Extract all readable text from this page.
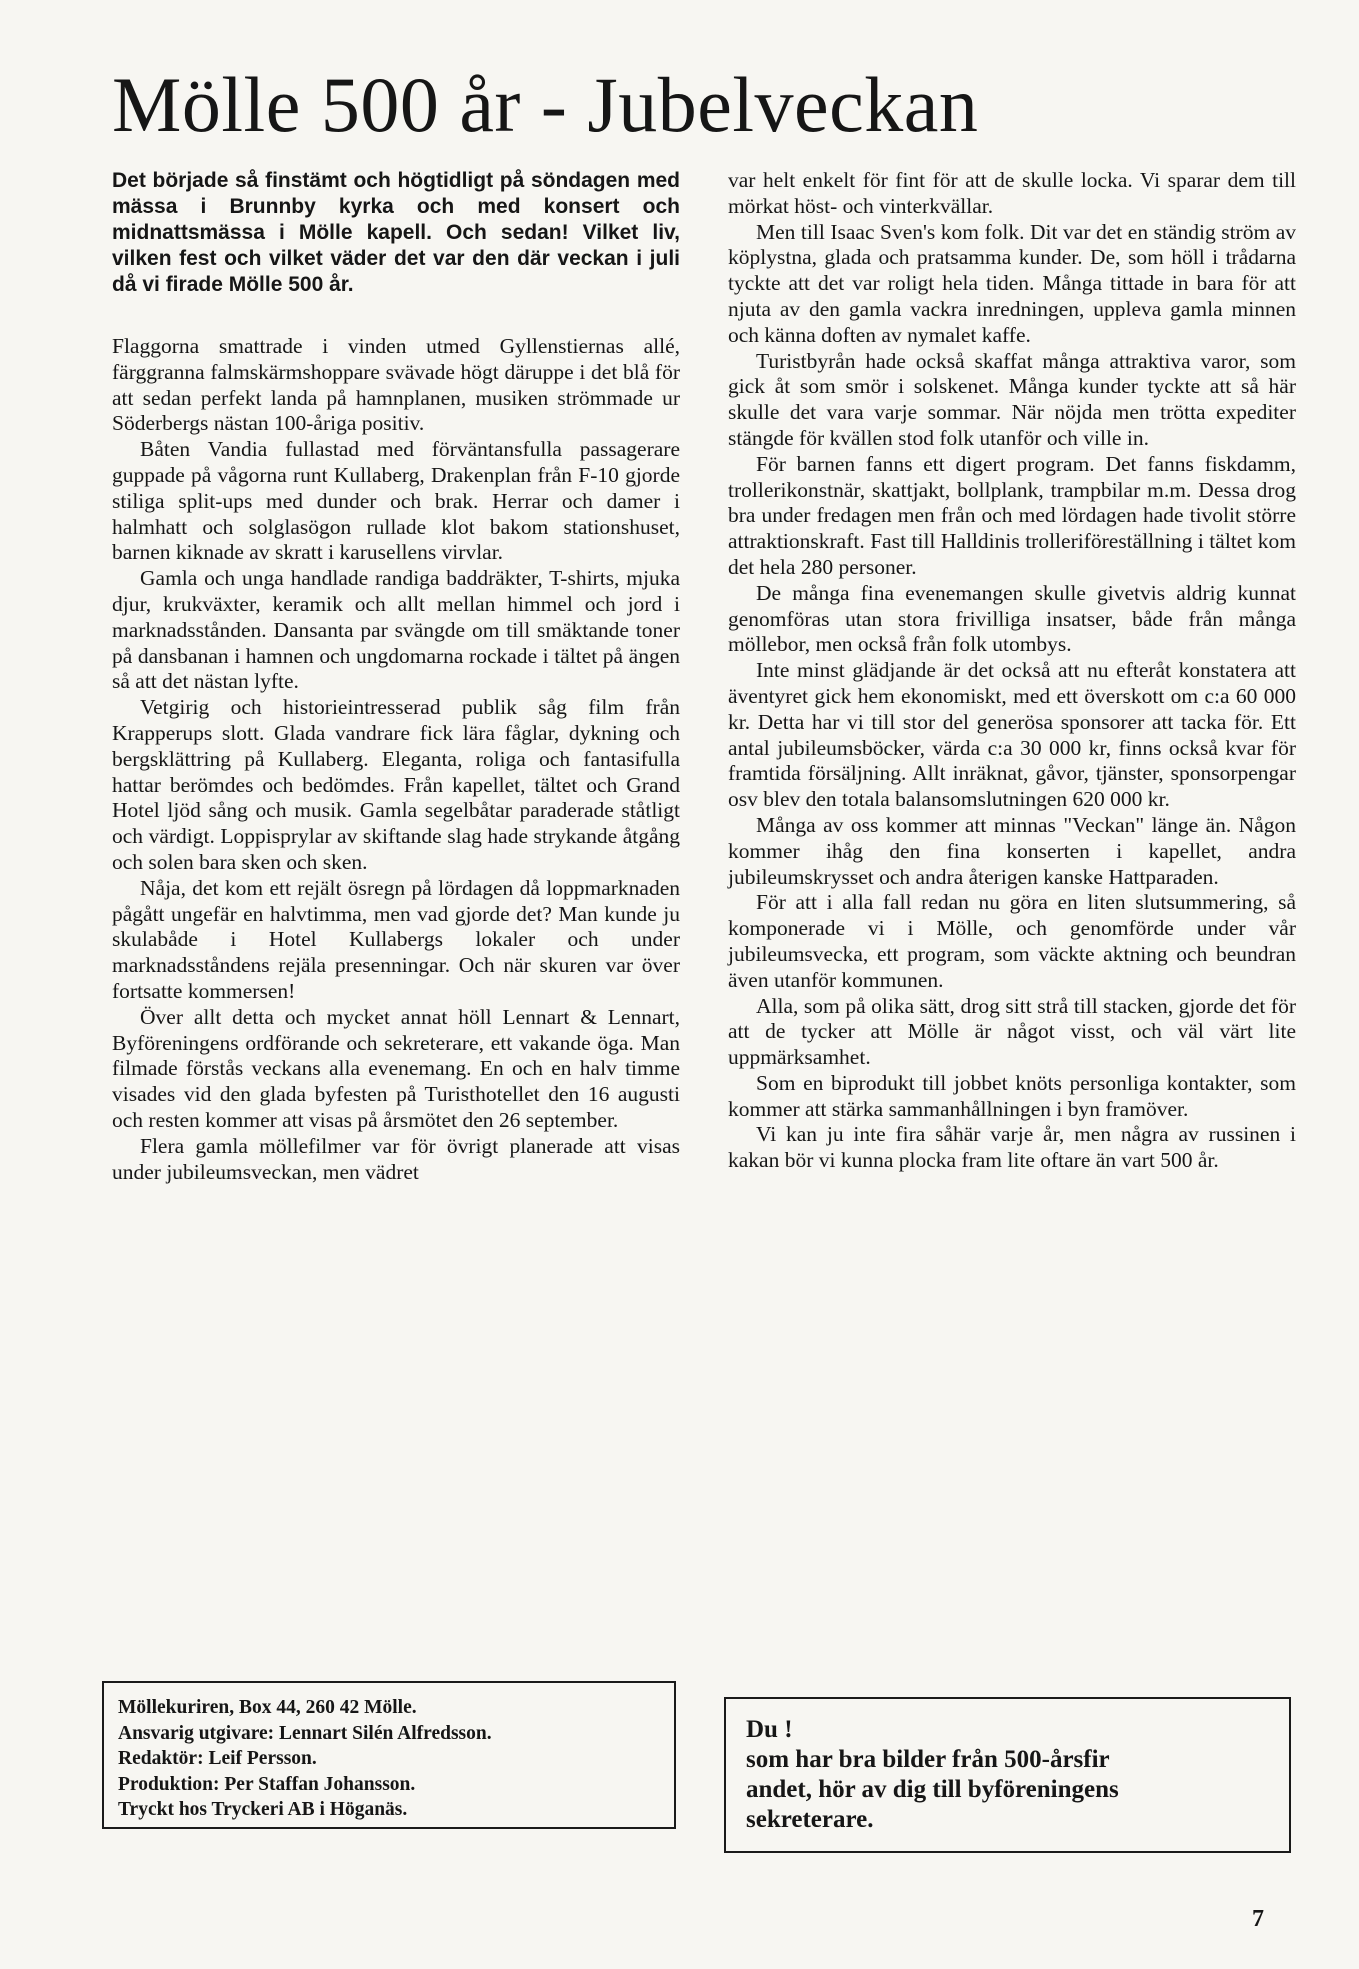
Mölle 500 år - Jubelveckan

Det började så finstämt och högtidligt på söndagen med mässa i Brunnby kyrka och med konsert och midnattsmässa i Mölle kapell. Och sedan! Vilket liv, vilken fest och vilket väder det var den där veckan i juli då vi firade Mölle 500 år.

Flaggorna smattrade i vinden utmed Gyllenstiernas allé, färggranna falmskärmshoppare svävade högt däruppe i det blå för att sedan perfekt landa på hamnplanen, musiken strömmade ur Söderbergs nästan 100-åriga positiv.

Båten Vandia fullastad med förväntansfulla passagerare guppade på vågorna runt Kullaberg, Drakenplan från F-10 gjorde stiliga split-ups med dunder och brak. Herrar och damer i halmhatt och solglasögon rullade klot bakom stationshuset, barnen kiknade av skratt i karusellens virvlar.

Gamla och unga handlade randiga baddräkter, T-shirts, mjuka djur, krukväxter, keramik och allt mellan himmel och jord i marknadsstånden. Dansanta par svängde om till smäktande toner på dansbanan i hamnen och ungdomarna rockade i tältet på ängen så att det nästan lyfte.

Vetgirig och historieintresserad publik såg film från Krapperups slott. Glada vandrare fick lära fåglar, dykning och bergsklättring på Kullaberg. Eleganta, roliga och fantasifulla hattar berömdes och bedömdes. Från kapellet, tältet och Grand Hotel ljöd sång och musik. Gamla segelbåtar paraderade ståtligt och värdigt. Loppisprylar av skiftande slag hade strykande åtgång och solen bara sken och sken.

Nåja, det kom ett rejält ösregn på lördagen då loppmarknaden pågått ungefär en halvtimma, men vad gjorde det? Man kunde ju skulabåde i Hotel Kullabergs lokaler och under marknadsståndens rejäla presenningar. Och när skuren var över fortsatte kommersen!

Över allt detta och mycket annat höll Lennart & Lennart, Byföreningens ordförande och sekreterare, ett vakande öga. Man filmade förstås veckans alla evenemang. En och en halv timme visades vid den glada byfesten på Turisthotellet den 16 augusti och resten kommer att visas på årsmötet den 26 september.

Flera gamla möllefilmer var för övrigt planerade att visas under jubileumsveckan, men vädret

var helt enkelt för fint för att de skulle locka. Vi sparar dem till mörkat höst- och vinterkvällar.

Men till Isaac Sven's kom folk. Dit var det en ständig ström av köplystna, glada och pratsamma kunder. De, som höll i trådarna tyckte att det var roligt hela tiden. Många tittade in bara för att njuta av den gamla vackra inredningen, uppleva gamla minnen och känna doften av nymalet kaffe.

Turistbyrån hade också skaffat många attraktiva varor, som gick åt som smör i solskenet. Många kunder tyckte att så här skulle det vara varje sommar. När nöjda men trötta expediter stängde för kvällen stod folk utanför och ville in.

För barnen fanns ett digert program. Det fanns fiskdamm, trollerikonstnär, skattjakt, bollplank, trampbilar m.m. Dessa drog bra under fredagen men från och med lördagen hade tivolit större attraktionskraft. Fast till Halldinis trolleriföreställning i tältet kom det hela 280 personer.

De många fina evenemangen skulle givetvis aldrig kunnat genomföras utan stora frivilliga insatser, både från många möllebor, men också från folk utombys.

Inte minst glädjande är det också att nu efteråt konstatera att äventyret gick hem ekonomiskt, med ett överskott om c:a 60 000 kr. Detta har vi till stor del generösa sponsorer att tacka för. Ett antal jubileumsböcker, värda c:a 30 000 kr, finns också kvar för framtida försäljning. Allt inräknat, gåvor, tjänster, sponsorpengar osv blev den totala balansomslutningen 620 000 kr.

Många av oss kommer att minnas "Veckan" länge än. Någon kommer ihåg den fina konserten i kapellet, andra jubileumskrysset och andra återigen kanske Hattparaden.

För att i alla fall redan nu göra en liten slutsummering, så komponerade vi i Mölle, och genomförde under vår jubileumsvecka, ett program, som väckte aktning och beundran även utanför kommunen.

Alla, som på olika sätt, drog sitt strå till stacken, gjorde det för att de tycker att Mölle är något visst, och väl värt lite uppmärksamhet.

Som en biprodukt till jobbet knöts personliga kontakter, som kommer att stärka sammanhållningen i byn framöver.

Vi kan ju inte fira såhär varje år, men några av russinen i kakan bör vi kunna plocka fram lite oftare än vart 500 år.

Möllekuriren, Box 44, 260 42 Mölle.
Ansvarig utgivare: Lennart Silén Alfredsson.
Redaktör: Leif Persson.
Produktion: Per Staffan Johansson.
Tryckt hos Tryckeri AB i Höganäs.
Du !
som har bra bilder från 500-årsfir
andet, hör av dig till byföreningens
sekreterare.
7
